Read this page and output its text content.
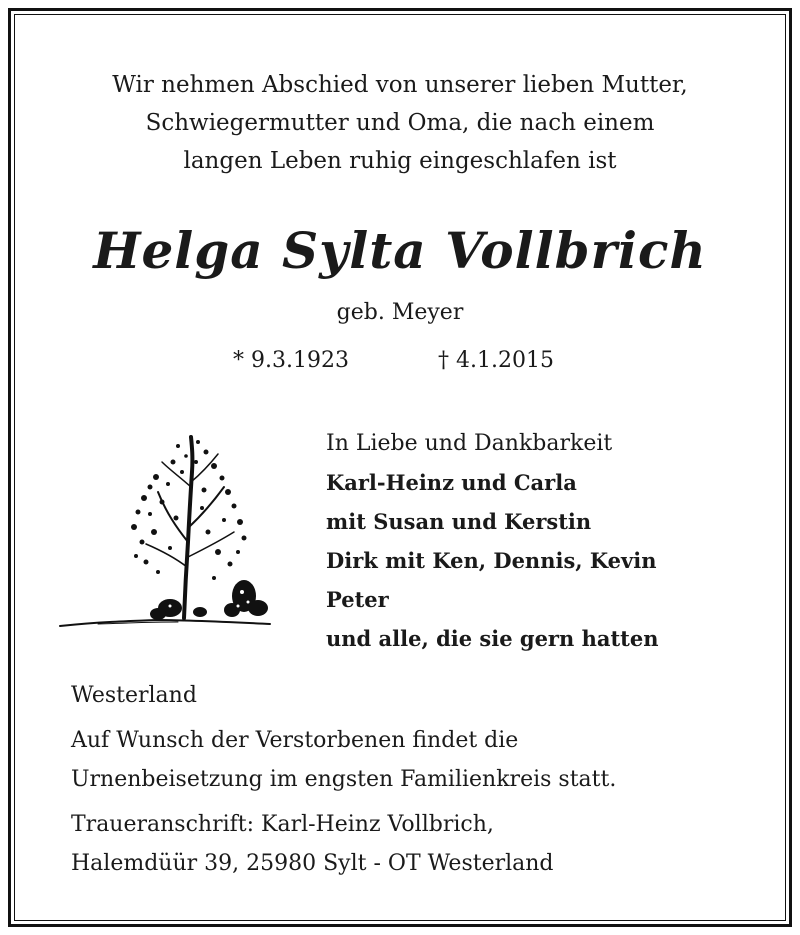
Wir nehmen Abschied von unserer lieben Mutter,
Schwiegermutter und Oma, die nach einem
langen Leben ruhig eingeschlafen ist
Helga Sylta Vollbrich
geb. Meyer
* 9.3.1923	† 4.1.2015
In Liebe und Dankbarkeit
Karl-Heinz und Carla
mit Susan und Kerstin
Dirk mit Ken, Dennis, Kevin
Peter
und alle, die sie gern hatten
Westerland
Auf Wunsch der Verstorbenen findet die
Urnenbeisetzung im engsten Familienkreis statt.
Traueranschrift: Karl-Heinz Vollbrich,
Halemdüür 39, 25980 Sylt - OT Westerland
